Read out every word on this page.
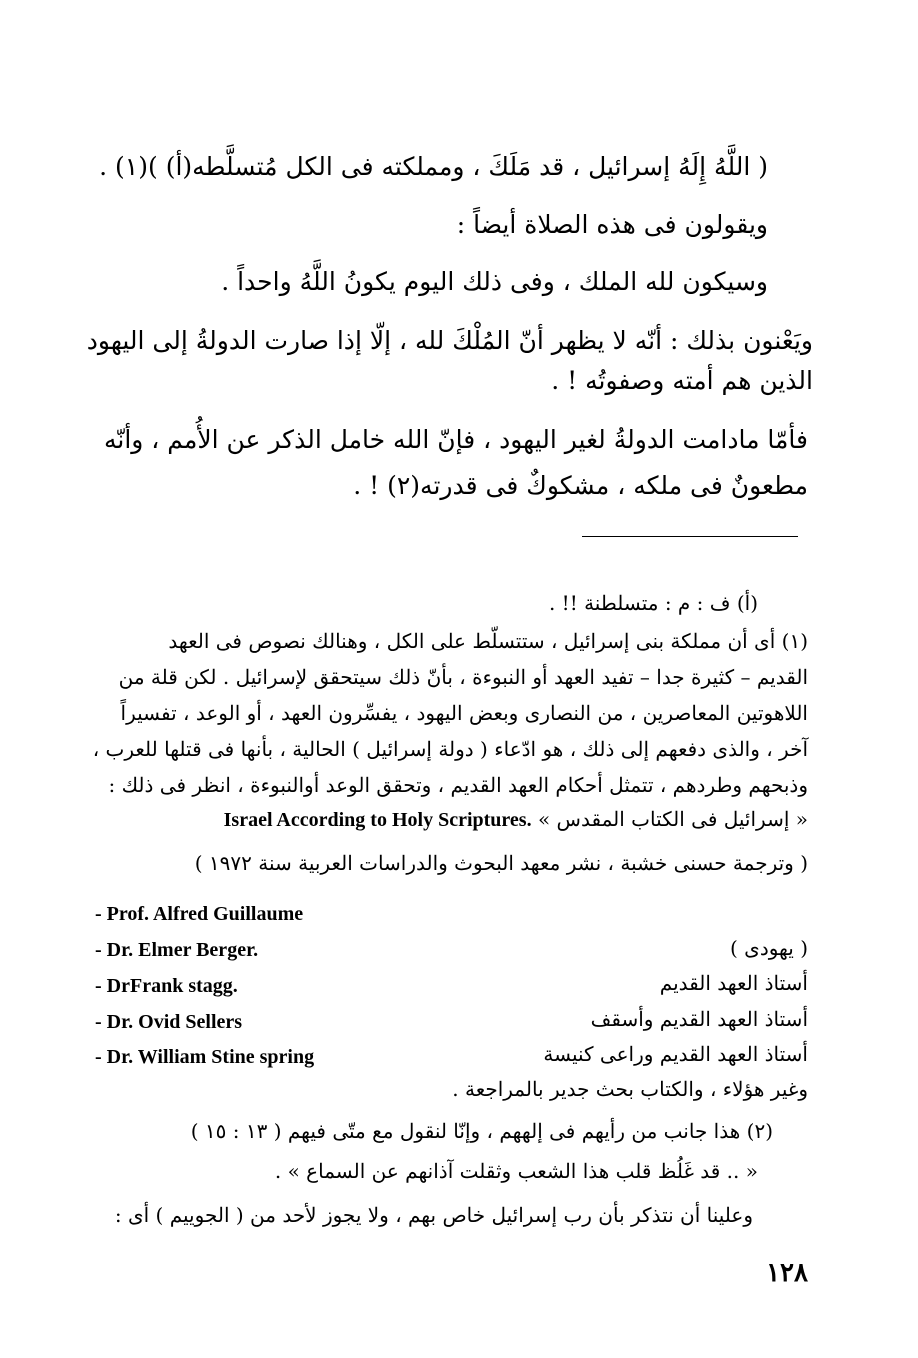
( اللَّهُ إِلَهُ إسرائيل ، قد مَلَكَ ، ومملكته فى الكل مُتسلَّطه(أ) )(١) .
ويقولون فى هذه الصلاة أيضاً :
وسيكون لله الملك ، وفى ذلك اليوم يكونُ اللَّهُ واحداً .
ويَعْنون بذلك : أنّه لا يظهر أنّ المُلْكَ لله ، إلّا إذا صارت الدولةُ إلى اليهود
الذين هم أمته وصفوتُه ! .
فأمّا مادامت الدولةُ لغير اليهود ، فإنّ الله خامل الذكر عن الأُمم ، وأنّه
مطعونٌ فى ملكه ، مشكوكٌ فى قدرته(٢) ! .
(أ) ف : م : متسلطنة !! .
(١) أى أن مملكة بنى إسرائيل ، ستتسلّط على الكل ، وهنالك نصوص فى العهد
القديم – كثيرة جدا – تفيد العهد أو النبوءة ، بأنّ ذلك سيتحقق لإسرائيل . لكن قلة من
اللاهوتين المعاصرين ، من النصارى وبعض اليهود ، يفسِّرون العهد ، أو الوعد ، تفسيراً
آخر ، والذى دفعهم إلى ذلك ، هو ادّعاء ( دولة إسرائيل ) الحالية ، بأنها فى قتلها للعرب ،
وذبحهم وطردهم ، تتمثل أحكام العهد القديم ، وتحقق الوعد أوالنبوءة ، انظر فى ذلك :
« إسرائيل فى الكتاب المقدس » Israel According to Holy Scriptures.
( وترجمة حسنى خشبة ، نشر معهد البحوث والدراسات العربية سنة ١٩٧٢ )
- Prof. Alfred Guillaume
- Dr. Elmer Berger.	( يهودى )
- DrFrank stagg.	أستاذ العهد القديم
- Dr. Ovid Sellers	أستاذ العهد القديم وأسقف
- Dr. William Stine spring	أستاذ العهد القديم وراعى كنيسة
وغير هؤلاء ، والكتاب بحث جدير بالمراجعة .
(٢) هذا جانب من رأيهم فى إلههم ، وإنّا لنقول مع متّى فيهم ( ١٣ : ١٥ )
« .. قد غَلُظ قلب هذا الشعب وثقلت آذانهم عن السماع » .
وعلينا أن نتذكر بأن رب إسرائيل خاص بهم ، ولا يجوز لأحد من ( الجوييم ) أى :
١٢٨
